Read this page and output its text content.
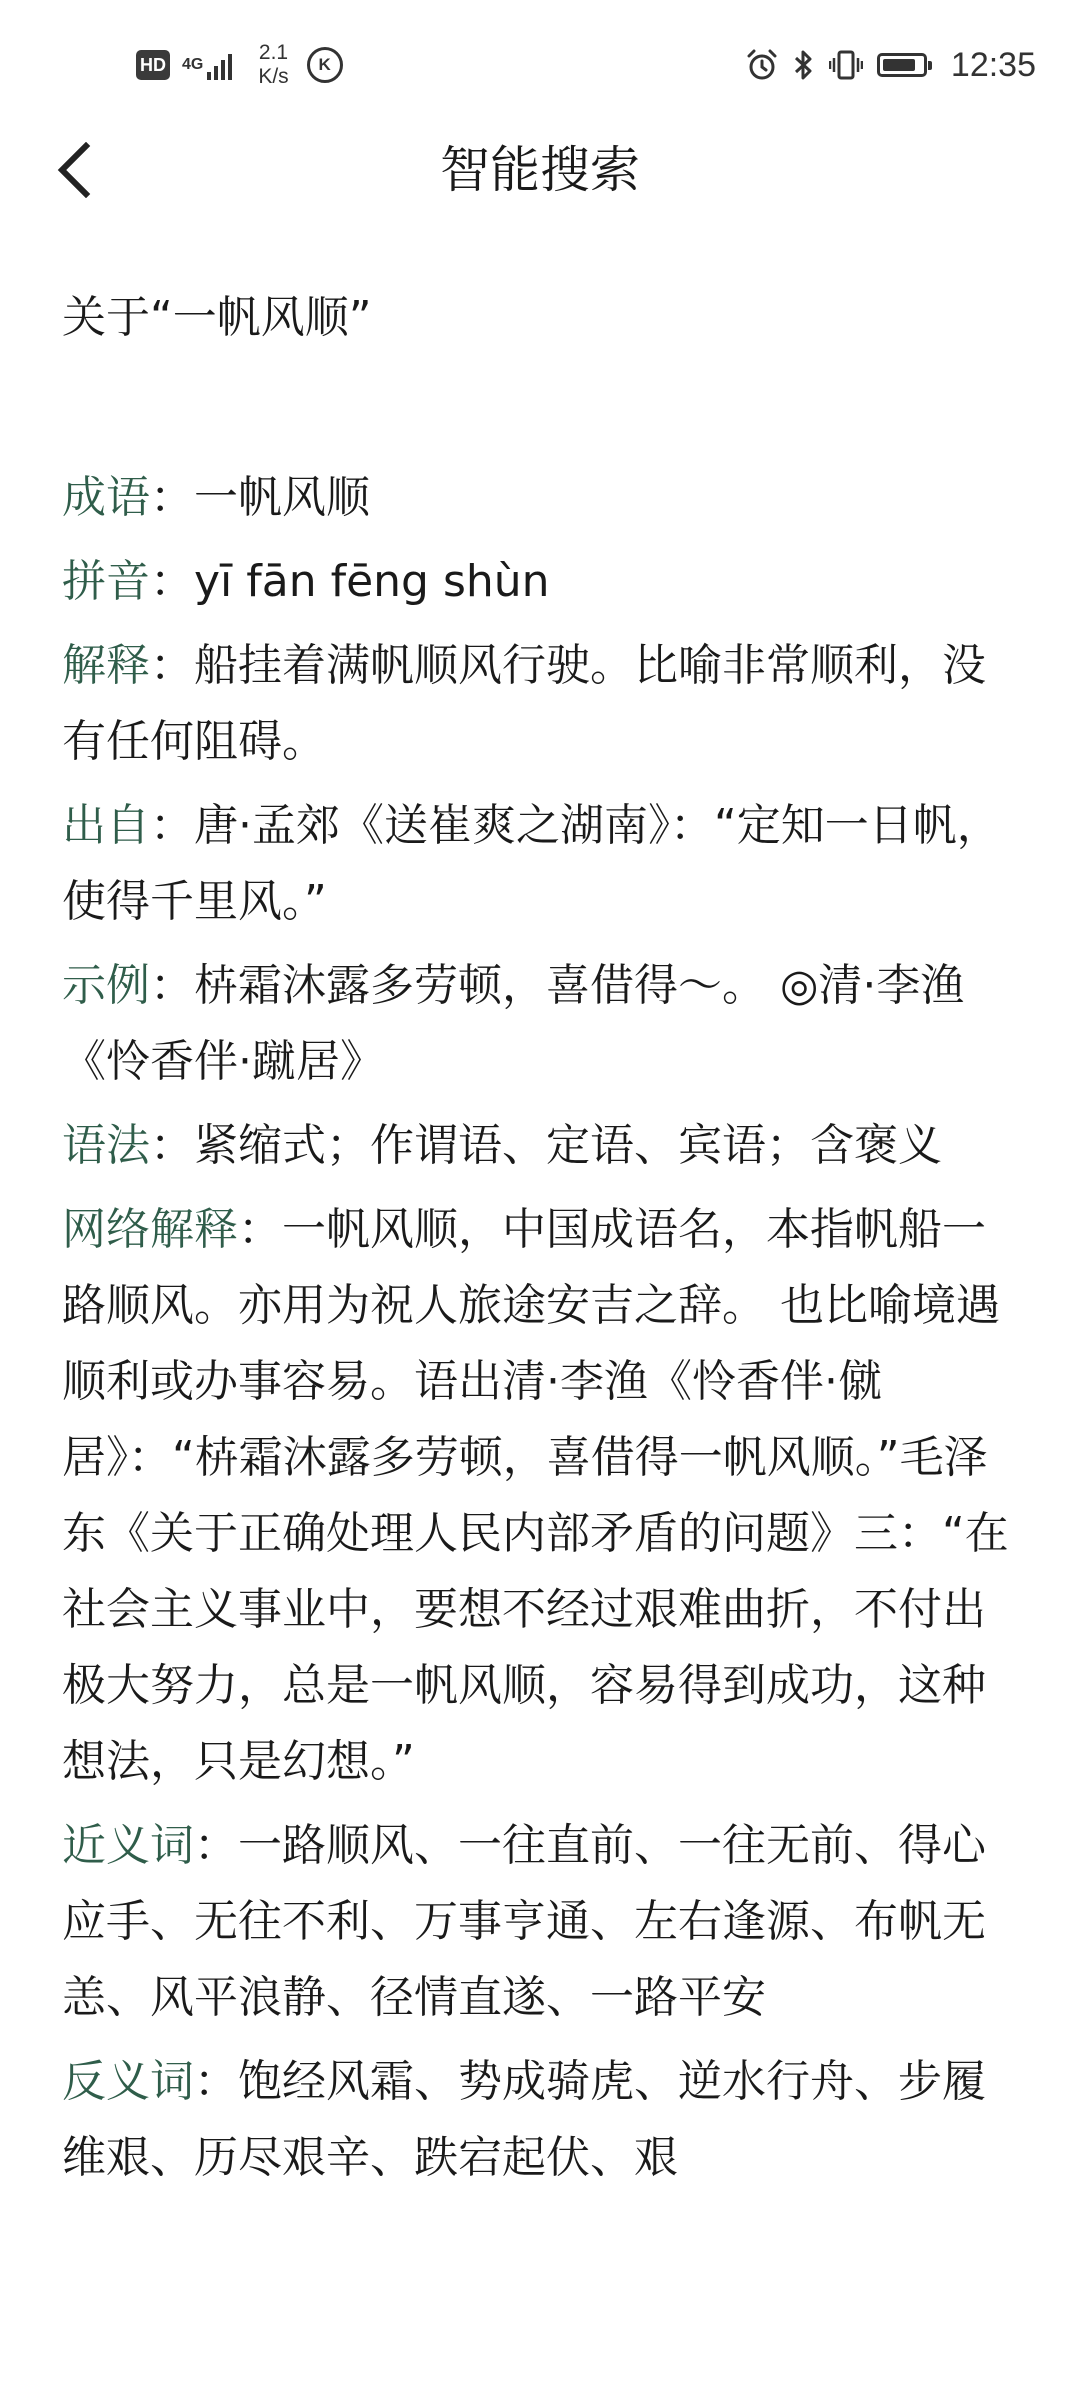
HD 4G
2.1
K/s
K	12:35
智能搜索
关于“一帆风顺”
成语：一帆风顺
拼音：yī fān fēng shùn
解释：船挂着满帆顺风行驶。比喻非常顺利，没有任何阻碍。
出自：唐·孟郊《送崔爽之湖南》：“定知一日帆，使得千里风。”
示例：枿霜沐露多劳顿，喜借得～。 ◎清·李渔《怜香伴·蹴居》
语法：紧缩式；作谓语、定语、宾语；含褒义
网络解释：一帆风顺，中国成语名，本指帆船一路顺风。亦用为祝人旅途安吉之辞。 也比喻境遇顺利或办事容易。语出清·李渔《怜香伴·僦居》：“枿霜沐露多劳顿，喜借得一帆风顺。”毛泽东《关于正确处理人民内部矛盾的问题》三：“在社会主义事业中，要想不经过艰难曲折，不付出极大努力，总是一帆风顺，容易得到成功，这种想法，只是幻想。”
近义词：一路顺风、一往直前、一往无前、得心应手、无往不利、万事亨通、左右逢源、布帆无恙、风平浪静、径情直遂、一路平安
反义词：饱经风霜、势成骑虎、逆水行舟、步履维艰、历尽艰辛、跌宕起伏、艰
